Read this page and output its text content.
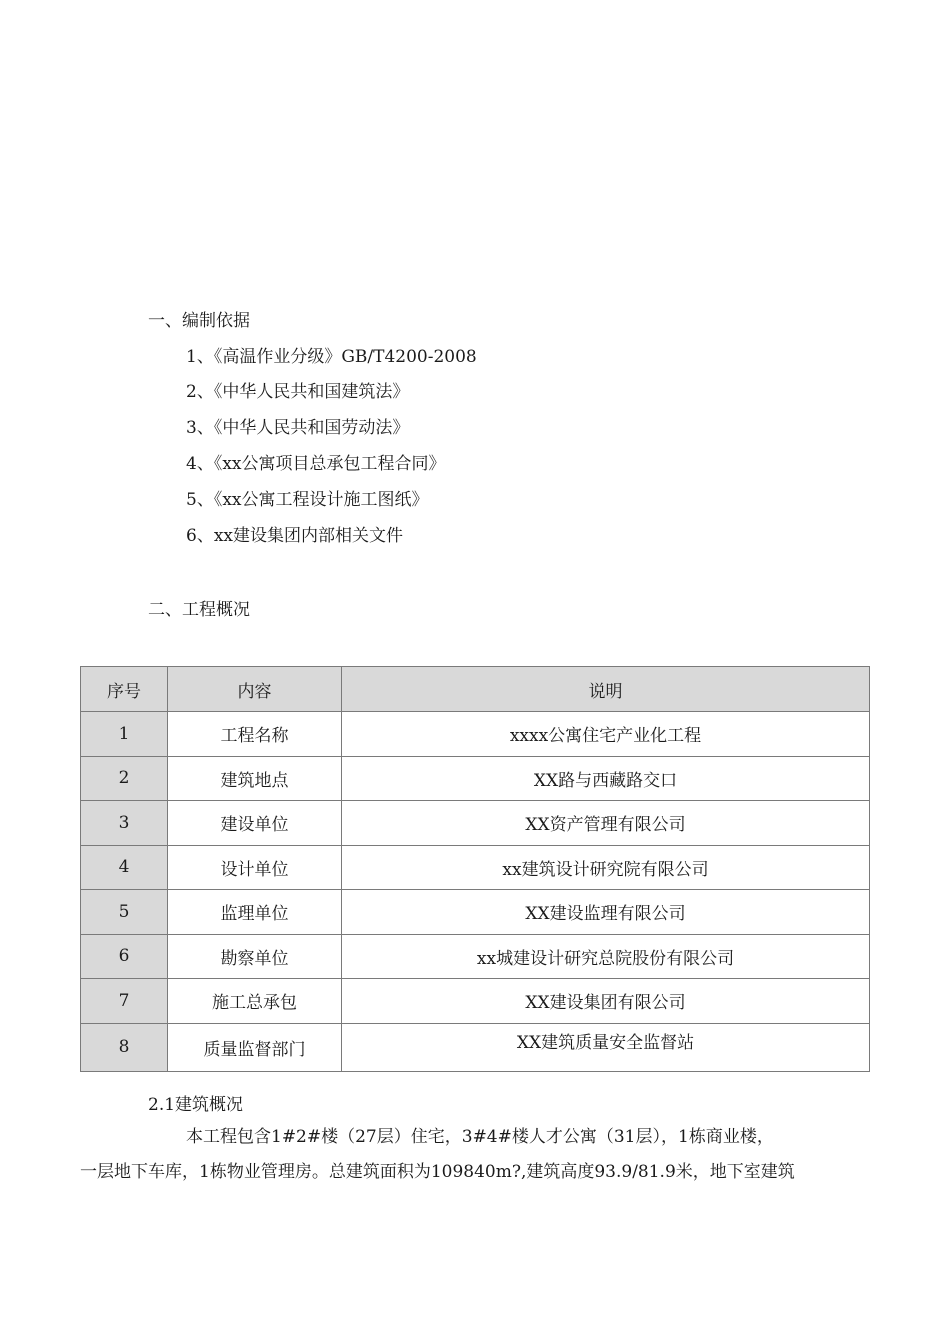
一、编制依据
1、《高温作业分级》GB/T4200-2008
2、《中华人民共和国建筑法》
3、《中华人民共和国劳动法》
4、《xx公寓项目总承包工程合同》
5、《xx公寓工程设计施工图纸》
6、xx建设集团内部相关文件
二、工程概况
序号	内容	说明
1	工程名称	xxxx公寓住宅产业化工程
2	建筑地点	XX路与西藏路交口
3	建设单位	XX资产管理有限公司
4	设计单位	xx建筑设计研究院有限公司
5	监理单位	XX建设监理有限公司
6	勘察单位	xx城建设计研究总院股份有限公司
7	施工总承包	XX建设集团有限公司
8	质量监督部门	XX建筑质量安全监督站
2.1建筑概况
本工程包含1#2#楼（27层）住宅，3#4#楼人才公寓（31层），1栋商业楼，
一层地下车库，1栋物业管理房。总建筑面积为109840m?,建筑高度93.9/81.9米，地下室建筑
